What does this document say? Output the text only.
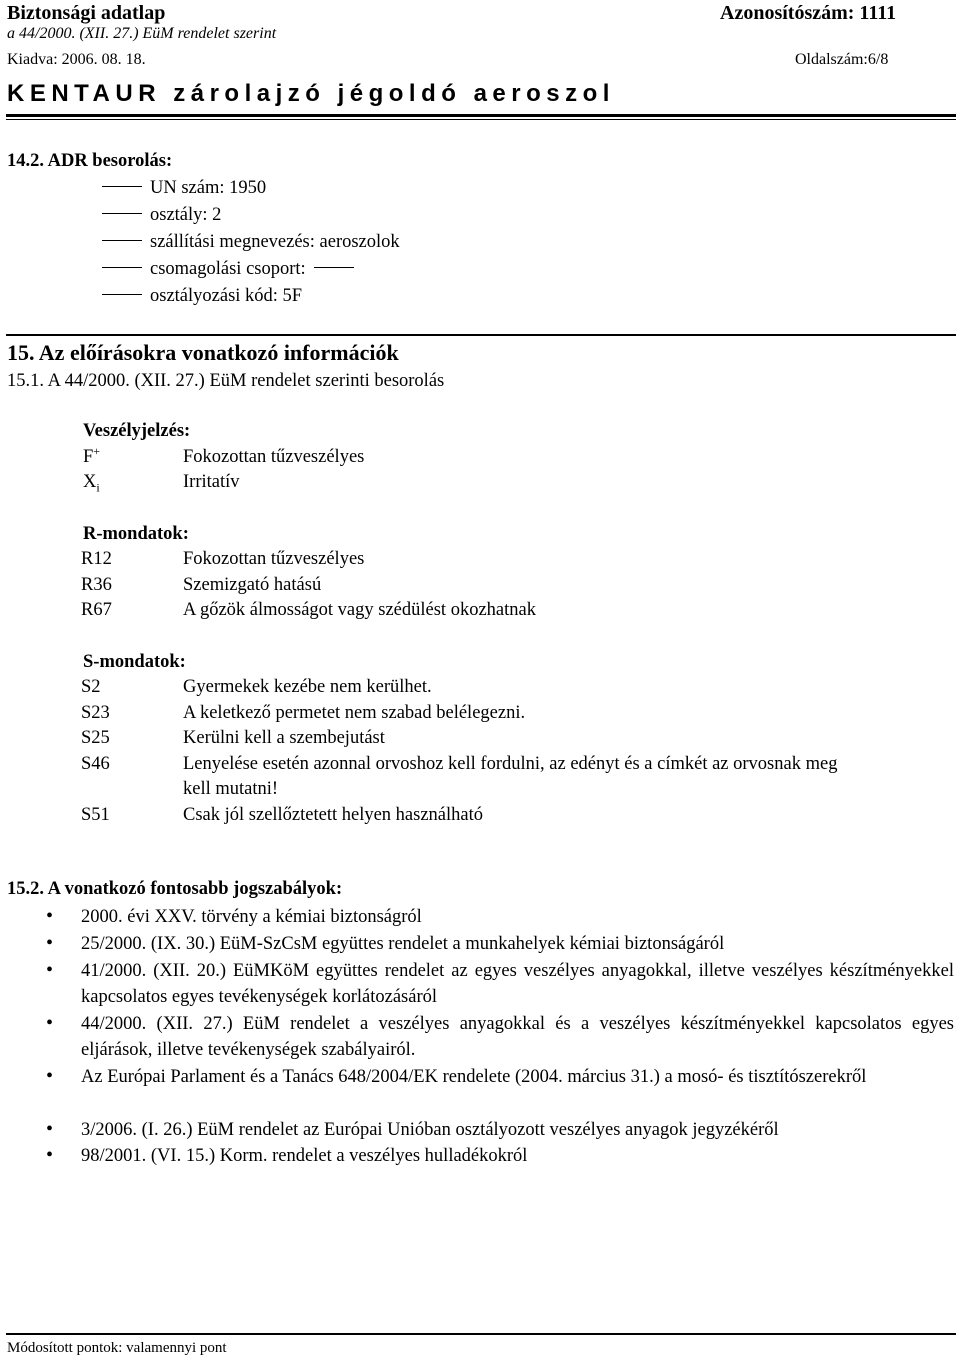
Biztonsági adatlap	Azonosítószám: 1111
a 44/2000. (XII. 27.) EüM rendelet szerint
Kiadva: 2006. 08. 18.	Oldalszám:6/8
KENTAUR zárolajzó jégoldó aeroszol
14.2. ADR besorolás:
UN szám: 1950
osztály: 2
szállítási megnevezés: aeroszolok
csomagolási csoport:
osztályozási kód: 5F
15. Az előírásokra vonatkozó információk
15.1. A 44/2000. (XII. 27.) EüM rendelet szerinti besorolás
Veszélyjelzés:
F+	Fokozottan tűzveszélyes
$X_i$	Irritatív
R-mondatok:
R12	Fokozottan tűzveszélyes
R36	Szemizgató hatású
R67	A gőzök álmosságot vagy szédülést okozhatnak
S-mondatok:
S2	Gyermekek kezébe nem kerülhet.
S23	A keletkező permetet nem szabad belélegezni.
S25	Kerülni kell a szembejutást
S46	Lenyelése esetén azonnal orvoshoz kell fordulni, az edényt és a címkét az orvosnak meg
kell mutatni!
S51	Csak jól szellőztetett helyen használható
15.2. A vonatkozó fontosabb jogszabályok:
• 2000. évi XXV. törvény a kémiai biztonságról
• 25/2000. (IX. 30.) EüM-SzCsM együttes rendelet a munkahelyek kémiai biztonságáról
• 41/2000. (XII. 20.) EüMKöM együttes rendelet az egyes veszélyes anyagokkal, illetve veszélyes készítményekkel kapcsolatos egyes tevékenységek korlátozásáról
• 44/2000. (XII. 27.) EüM rendelet a veszélyes anyagokkal és a veszélyes készítményekkel kapcsolatos egyes eljárások, illetve tevékenységek szabályairól.
• Az Európai Parlament és a Tanács 648/2004/EK rendelete (2004. március 31.) a mosó- és tisztítószerekről
• 3/2006. (I. 26.) EüM rendelet az Európai Unióban osztályozott veszélyes anyagok jegyzékéről
• 98/2001. (VI. 15.) Korm. rendelet a veszélyes hulladékokról
Módosított pontok: valamennyi pont
